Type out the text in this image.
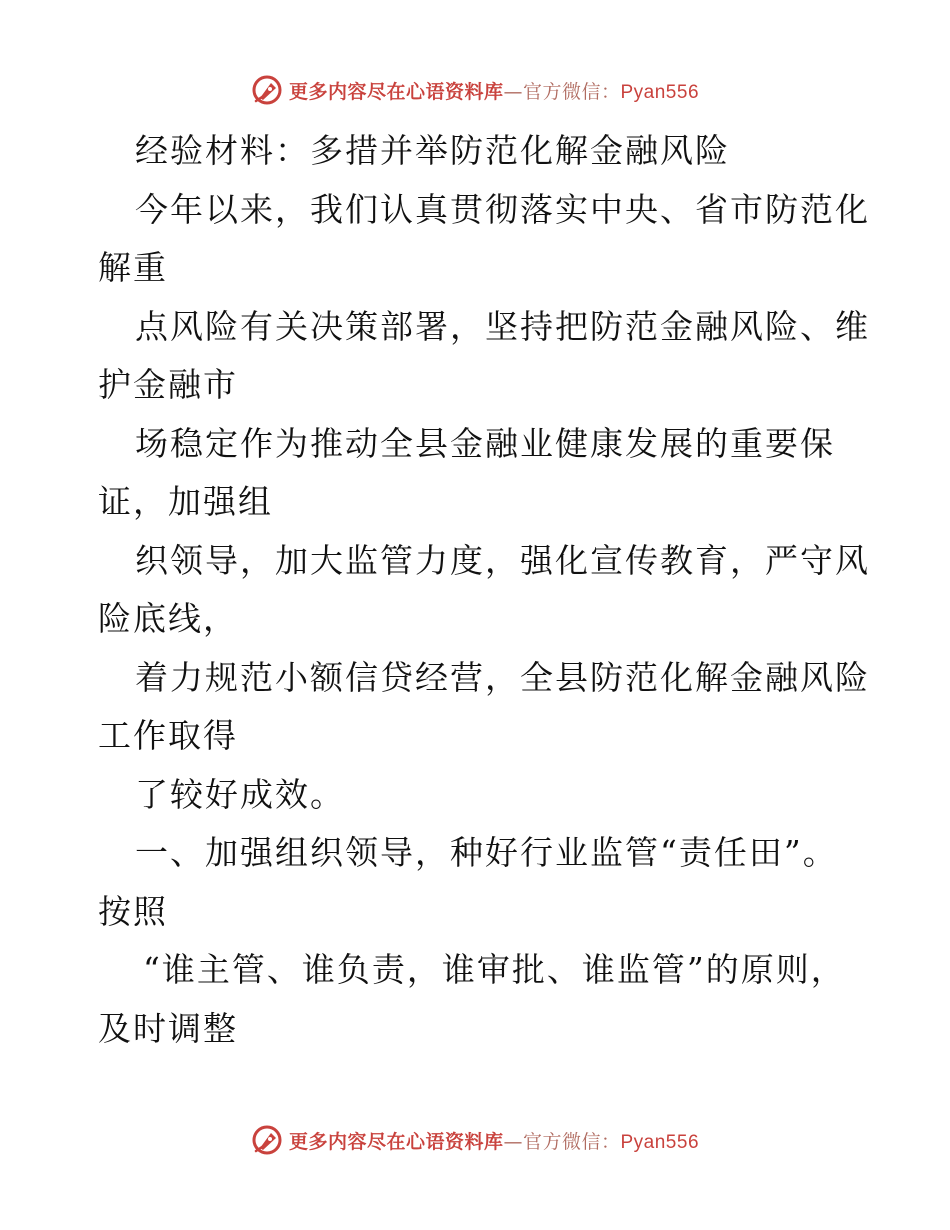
更多内容尽在心语资料库—官方微信：Pyan556
经验材料：多措并举防范化解金融风险
今年以来，我们认真贯彻落实中央、省市防范化
解重
点风险有关决策部署，坚持把防范金融风险、维
护金融市
场稳定作为推动全县金融业健康发展的重要保
证，加强组
织领导，加大监管力度，强化宣传教育，严守风
险底线，
着力规范小额信贷经营，全县防范化解金融风险
工作取得
了较好成效。
一、加强组织领导，种好行业监管“责任田”。
按照
“谁主管、谁负责，谁审批、谁监管”的原则，
及时调整
更多内容尽在心语资料库—官方微信：Pyan556
